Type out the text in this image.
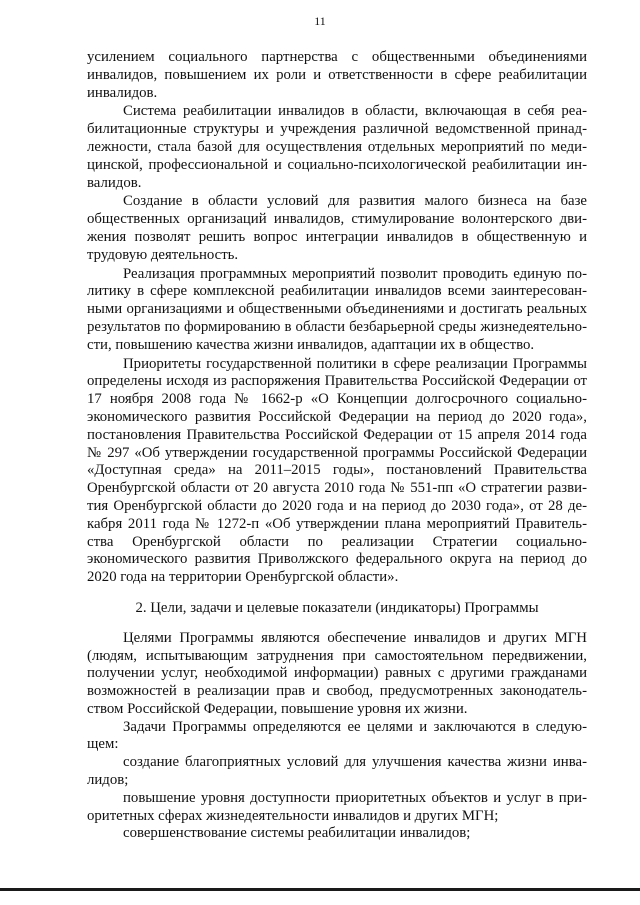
11

усилением социального партнерства с общественными объединениями инвалидов, повышением их роли и ответственности в сфере реабилитации инвалидов.

Система реабилитации инвалидов в области, включающая в себя реабилитационные структуры и учреждения различной ведомственной принадлежности, стала базой для осуществления отдельных мероприятий по медицинской, профессиональной и социально-психологической реабилитации инвалидов.

Создание в области условий для развития малого бизнеса на базе общественных организаций инвалидов, стимулирование волонтерского движения позволят решить вопрос интеграции инвалидов в общественную и трудовую деятельность.

Реализация программных мероприятий позволит проводить единую политику в сфере комплексной реабилитации инвалидов всеми заинтересованными организациями и общественными объединениями и достигать реальных результатов по формированию в области безбарьерной среды жизнедеятельности, повышению качества жизни инвалидов, адаптации их в общество.

Приоритеты государственной политики в сфере реализации Программы определены исходя из распоряжения Правительства Российской Федерации от 17 ноября 2008 года № 1662-р «О Концепции долгосрочного социально-экономического развития Российской Федерации на период до 2020 года», постановления Правительства Российской Федерации от 15 апреля 2014 года № 297 «Об утверждении государственной программы Российской Федерации «Доступная среда» на 2011–2015 годы», постановлений Правительства Оренбургской области от 20 августа 2010 года № 551-пп «О стратегии развития Оренбургской области до 2020 года и на период до 2030 года», от 28 декабря 2011 года № 1272-п «Об утверждении плана мероприятий Правительства Оренбургской области по реализации Стратегии социально-экономического развития Приволжского федерального округа на период до 2020 года на территории Оренбургской области».

2. Цели, задачи и целевые показатели (индикаторы) Программы

Целями Программы являются обеспечение инвалидов и других МГН (людям, испытывающим затруднения при самостоятельном передвижении, получении услуг, необходимой информации) равных с другими гражданами возможностей в реализации прав и свобод, предусмотренных законодательством Российской Федерации, повышение уровня их жизни.

Задачи Программы определяются ее целями и заключаются в следующем:

создание благоприятных условий для улучшения качества жизни инвалидов;

повышение уровня доступности приоритетных объектов и услуг в приоритетных сферах жизнедеятельности инвалидов и других МГН;

совершенствование системы реабилитации инвалидов;
